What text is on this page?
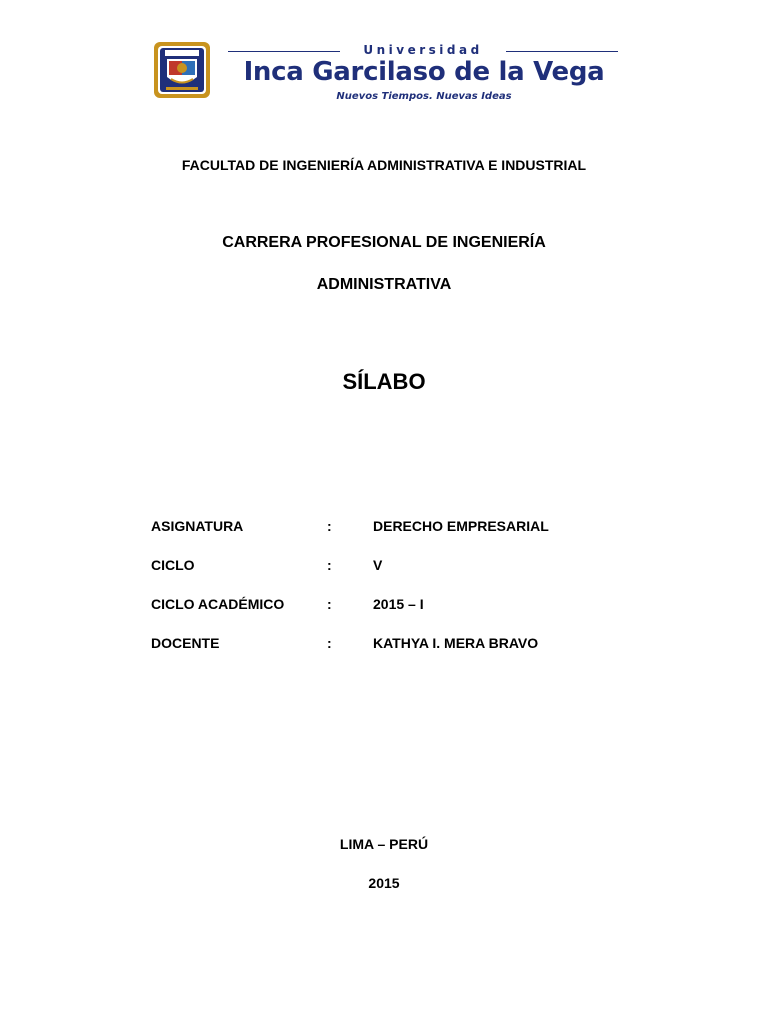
Universidad
Inca Garcilaso de la Vega
Nuevos Tiempos. Nuevas Ideas
FACULTAD DE INGENIERÍA ADMINISTRATIVA E INDUSTRIAL
CARRERA PROFESIONAL DE INGENIERÍA
ADMINISTRATIVA
SÍLABO
ASIGNATURA	:	DERECHO EMPRESARIAL
CICLO	:	V
CICLO ACADÉMICO	:	2015 – I
DOCENTE	:	KATHYA I. MERA BRAVO
LIMA – PERÚ
2015
